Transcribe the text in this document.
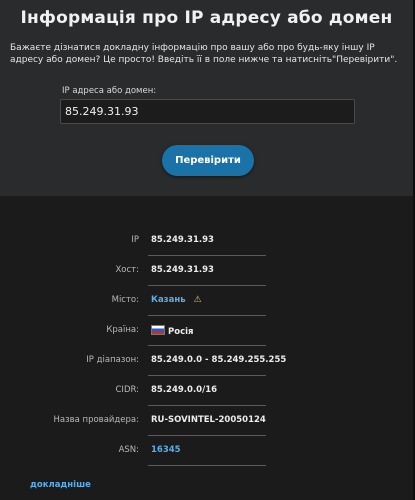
Інформація про IP адресу або домен
Бажаєте дізнатися докладну інформацію про вашу або про будь-яку іншу IP адресу або домен? Це просто! Введіть її в поле нижче та натисніть"Перевірити".
IP адреса або домен:
85.249.31.93
Перевірити
IP 85.249.31.93
Хост: 85.249.31.93
Місто: Казань ⚠
Країна:	Росія
IP діапазон: 85.249.0.0 - 85.249.255.255
CIDR: 85.249.0.0/16
Назва провайдера: RU-SOVINTEL-20050124
ASN: 16345
докладніше
